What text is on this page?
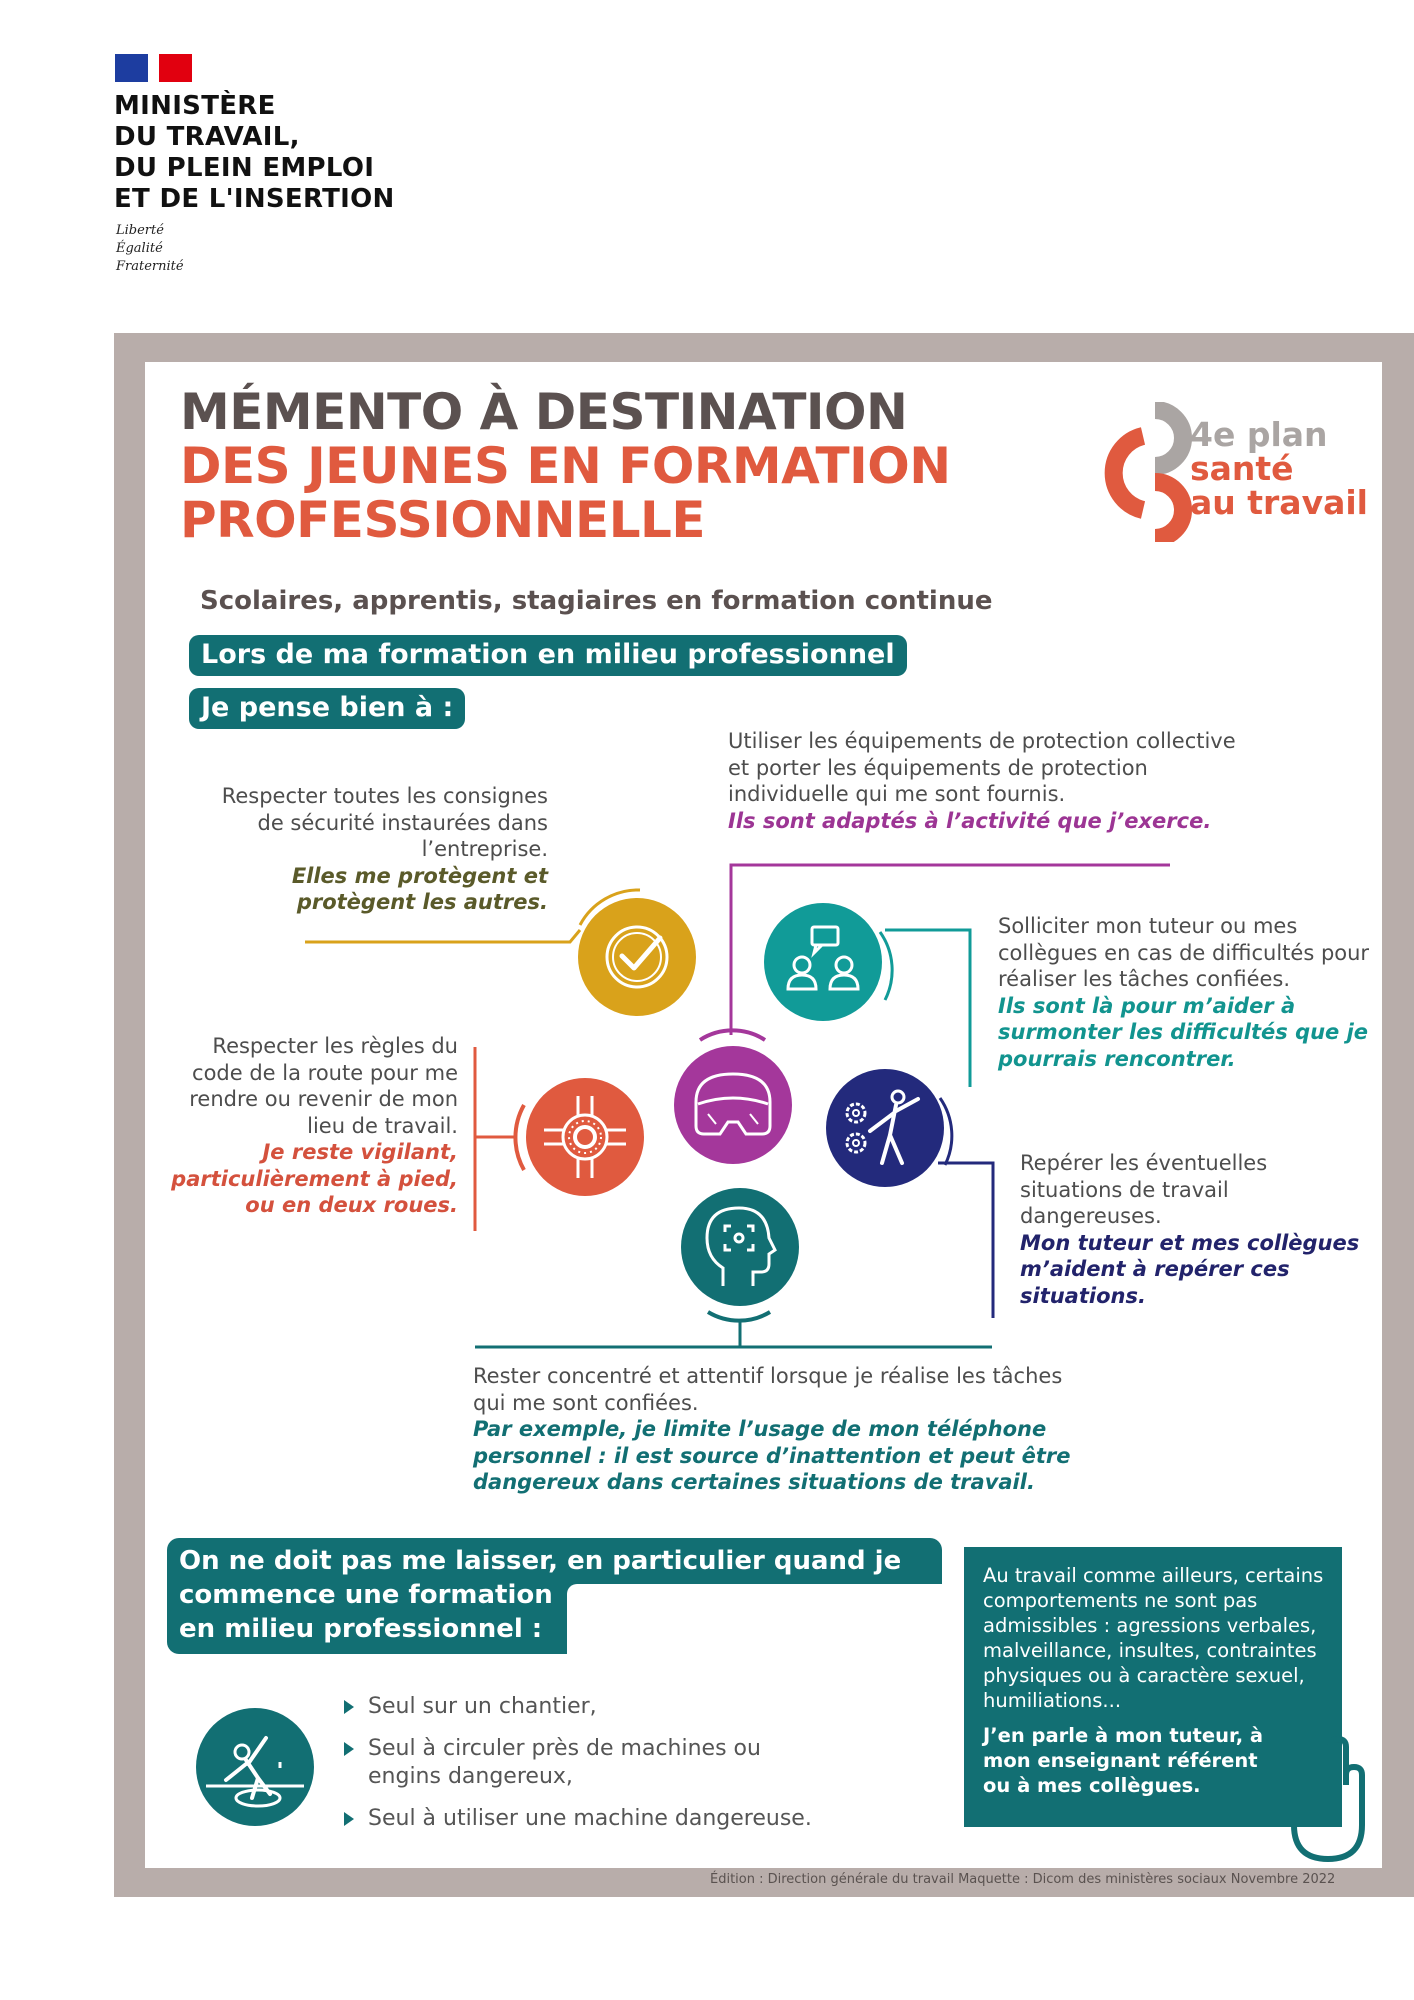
MINISTÈRE
DU TRAVAIL,
DU PLEIN EMPLOI
ET DE L'INSERTION
Liberté
Égalité
Fraternité
MÉMENTO À DESTINATION
DES JEUNES EN FORMATION
PROFESSIONNELLE
4e plan
santé
au travail
Scolaires, apprentis, stagiaires en formation continue
Lors de ma formation en milieu professionnel
Je pense bien à :
Utiliser les équipements de protection collective et porter les équipements de protection individuelle qui me sont fournis.
Ils sont adaptés à l’activité que j’exerce.
Respecter toutes les consignes de sécurité instaurées dans l’entreprise.
Elles me protègent et protègent les autres.
Solliciter mon tuteur ou mes collègues en cas de difficultés pour réaliser les tâches confiées.
Ils sont là pour m’aider à surmonter les difficultés que je pourrais rencontrer.
Respecter les règles du code de la route pour me rendre ou revenir de mon lieu de travail.
Je reste vigilant, particulièrement à pied, ou en deux roues.
Repérer les éventuelles situations de travail dangereuses.
Mon tuteur et mes collègues m’aident à repérer ces situations.
Rester concentré et attentif lorsque je réalise les tâches qui me sont confiées.
Par exemple, je limite l’usage de mon téléphone personnel : il est source d’inattention et peut être dangereux dans certaines situations de travail.
On ne doit pas me laisser, en particulier quand je
commence une formation
en milieu professionnel :
Seul sur un chantier,
Seul à circuler près de machines ou engins dangereux,
Seul à utiliser une machine dangereuse.
Au travail comme ailleurs, certains comportements ne sont pas admissibles : agressions verbales, malveillance, insultes, contraintes physiques ou à caractère sexuel, humiliations...
J’en parle à mon tuteur, à mon enseignant référent ou à mes collègues.
Édition : Direction générale du travail Maquette : Dicom des ministères sociaux Novembre 2022
